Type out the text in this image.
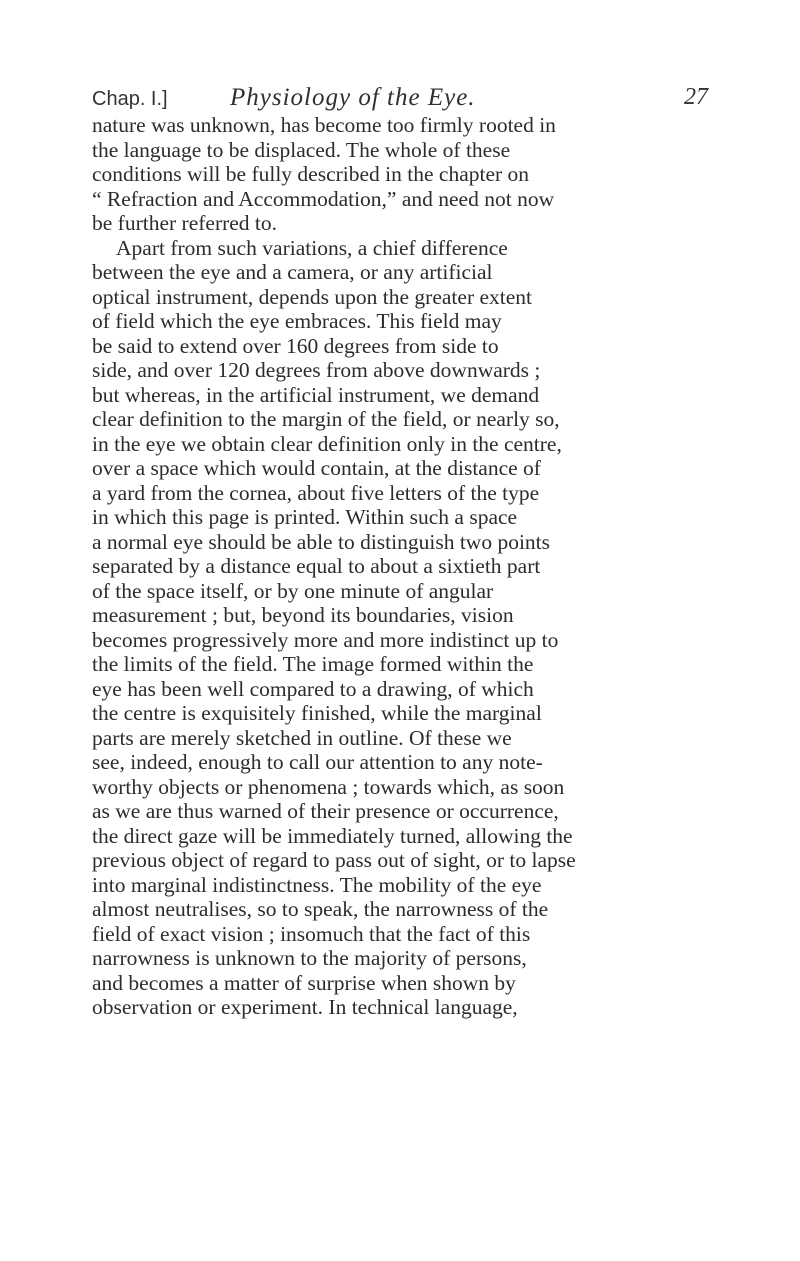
Chap. I.] Physiology of the Eye.	27
nature was unknown, has become too firmly rooted in
the language to be displaced. The whole of these
conditions will be fully described in the chapter on
“ Refraction and Accommodation,” and need not now
be further referred to.
Apart from such variations, a chief difference
between the eye and a camera, or any artificial
optical instrument, depends upon the greater extent
of field which the eye embraces. This field may
be said to extend over 160 degrees from side to
side, and over 120 degrees from above downwards ;
but whereas, in the artificial instrument, we demand
clear definition to the margin of the field, or nearly so,
in the eye we obtain clear definition only in the centre,
over a space which would contain, at the distance of
a yard from the cornea, about five letters of the type
in which this page is printed. Within such a space
a normal eye should be able to distinguish two points
separated by a distance equal to about a sixtieth part
of the space itself, or by one minute of angular
measurement ; but, beyond its boundaries, vision
becomes progressively more and more indistinct up to
the limits of the field. The image formed within the
eye has been well compared to a drawing, of which
the centre is exquisitely finished, while the marginal
parts are merely sketched in outline. Of these we
see, indeed, enough to call our attention to any note-
worthy objects or phenomena ; towards which, as soon
as we are thus warned of their presence or occurrence,
the direct gaze will be immediately turned, allowing the
previous object of regard to pass out of sight, or to lapse
into marginal indistinctness. The mobility of the eye
almost neutralises, so to speak, the narrowness of the
field of exact vision ; insomuch that the fact of this
narrowness is unknown to the majority of persons,
and becomes a matter of surprise when shown by
observation or experiment. In technical language,
